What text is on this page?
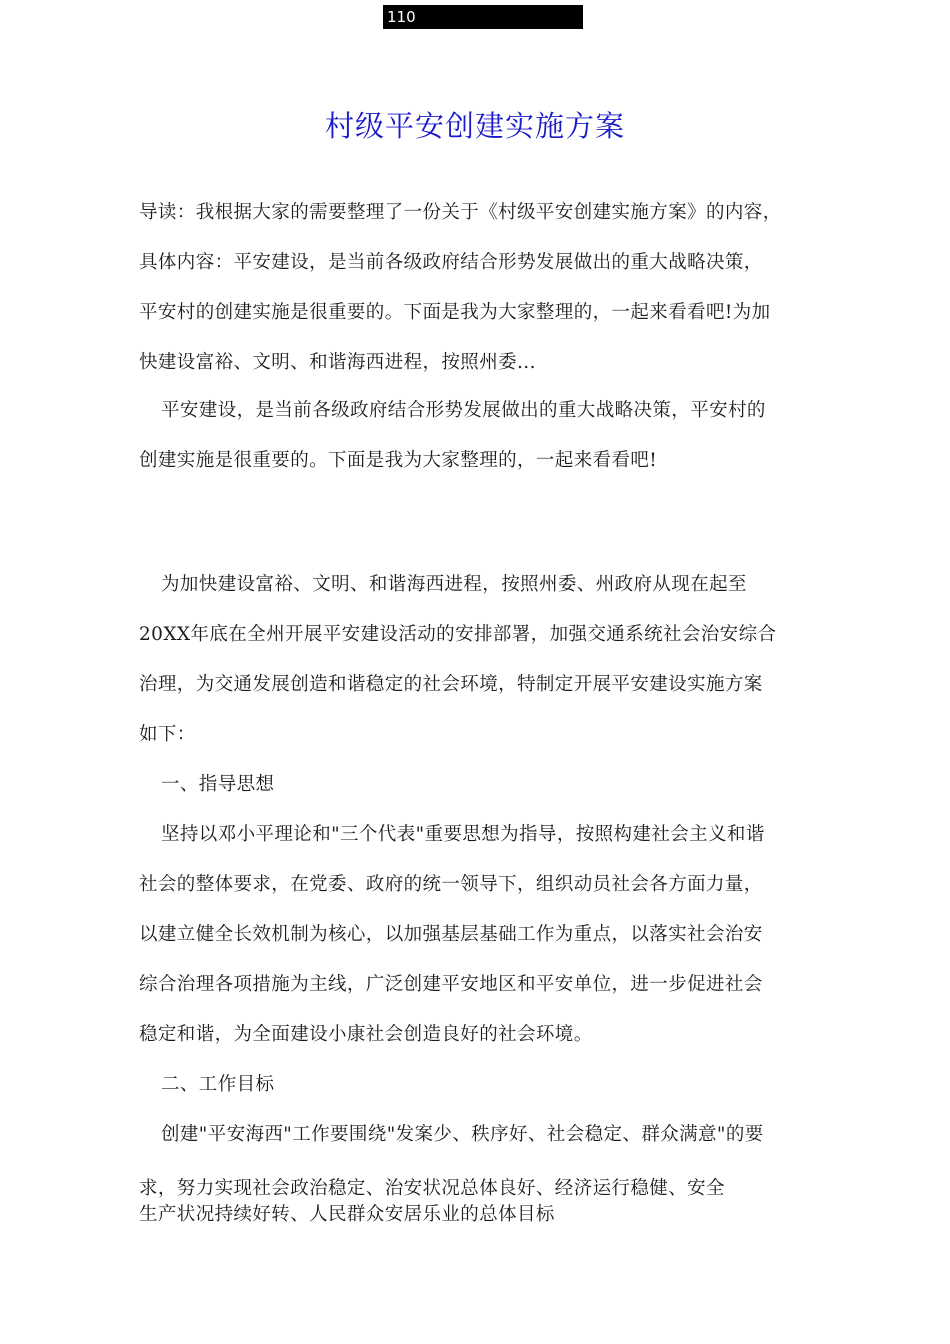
110
村级平安创建实施方案
导读：我根据大家的需要整理了一份关于《村级平安创建实施方案》的内容，
具体内容：平安建设，是当前各级政府结合形势发展做出的重大战略决策，
平安村的创建实施是很重要的。下面是我为大家整理的，一起来看看吧!为加
快建设富裕、文明、和谐海西进程，按照州委...
平安建设，是当前各级政府结合形势发展做出的重大战略决策，平安村的
创建实施是很重要的。下面是我为大家整理的，一起来看看吧!
为加快建设富裕、文明、和谐海西进程，按照州委、州政府从现在起至
20XX年底在全州开展平安建设活动的安排部署，加强交通系统社会治安综合
治理，为交通发展创造和谐稳定的社会环境，特制定开展平安建设实施方案
如下：
一、指导思想
坚持以邓小平理论和"三个代表"重要思想为指导，按照构建社会主义和谐
社会的整体要求，在党委、政府的统一领导下，组织动员社会各方面力量，
以建立健全长效机制为核心，以加强基层基础工作为重点，以落实社会治安
综合治理各项措施为主线，广泛创建平安地区和平安单位，进一步促进社会
稳定和谐，为全面建设小康社会创造良好的社会环境。
二、工作目标
创建"平安海西"工作要围绕"发案少、秩序好、社会稳定、群众满意"的要
求，努力实现社会政治稳定、治安状况总体良好、经济运行稳健、安全
生产状况持续好转、人民群众安居乐业的总体目标
